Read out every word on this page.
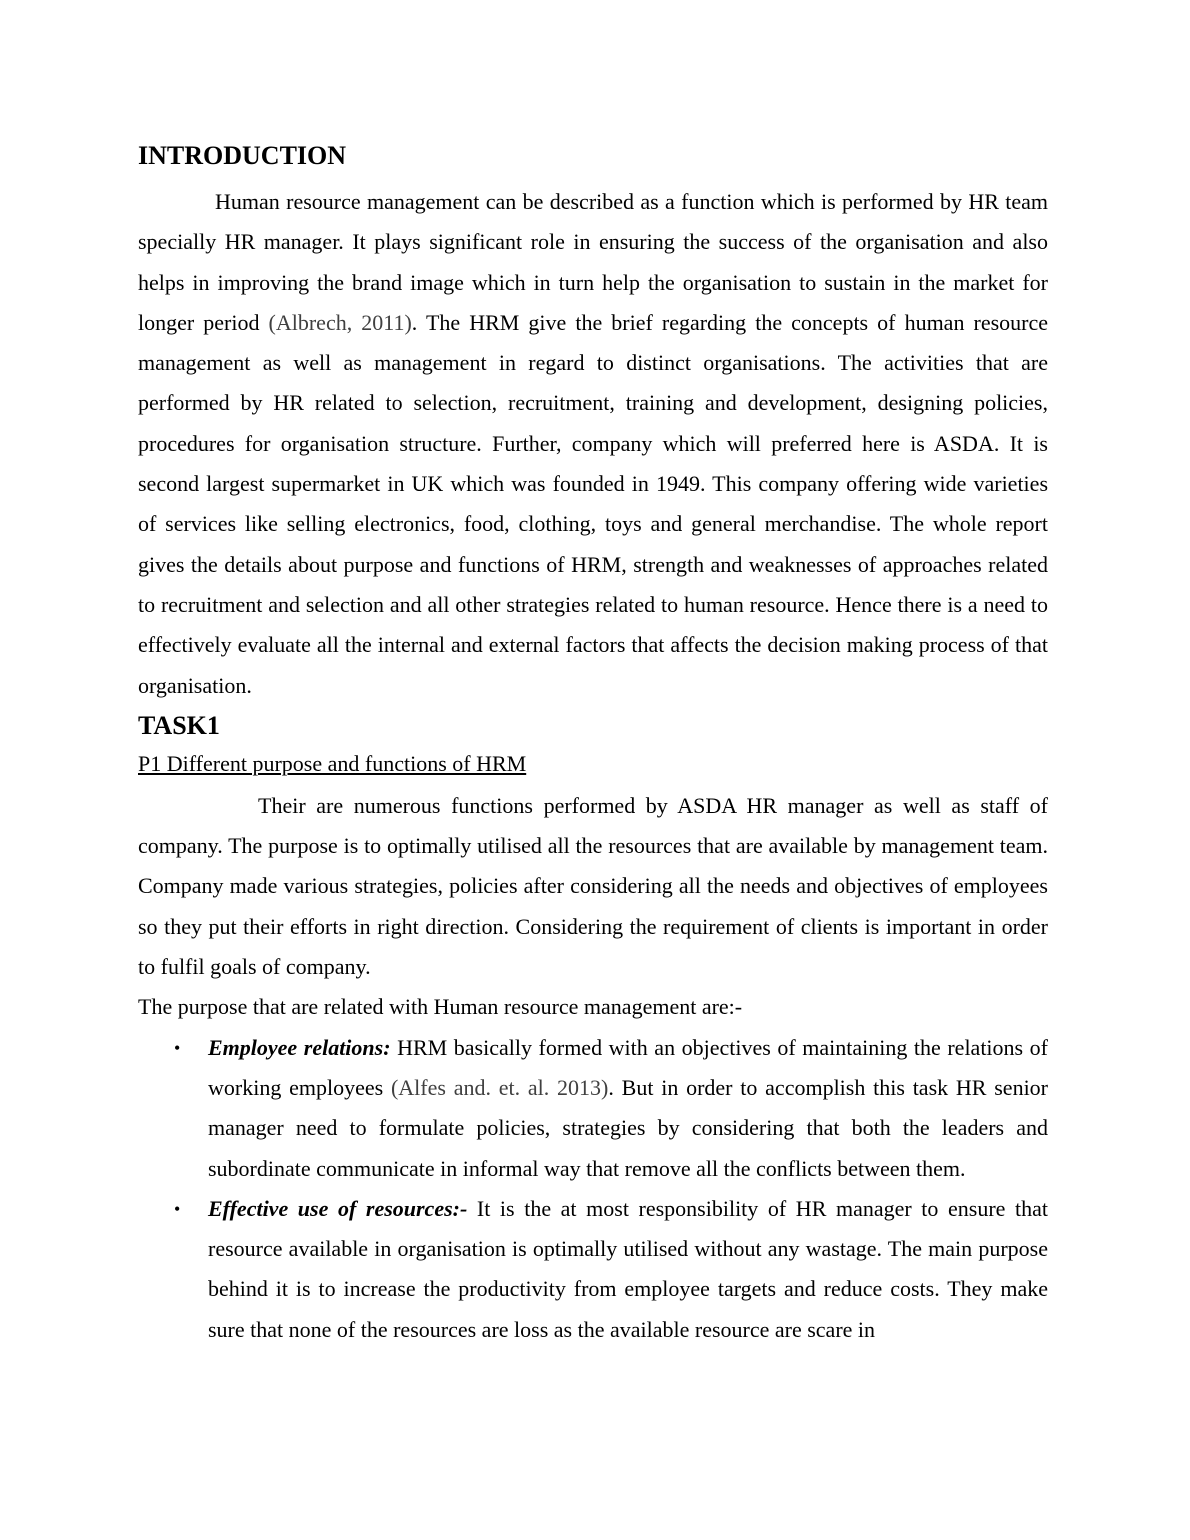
INTRODUCTION

Human resource management can be described as a function which is performed by HR team specially HR manager. It plays significant role in ensuring the success of the organisation and also helps in improving the brand image which in turn help the organisation to sustain in the market for longer period (Albrech, 2011). The HRM give the brief regarding the concepts of human resource management as well as management in regard to distinct organisations. The activities that are performed by HR related to selection, recruitment, training and development, designing policies, procedures for organisation structure. Further, company which will preferred here is ASDA. It is second largest supermarket in UK which was founded in 1949. This company offering wide varieties of services like selling electronics, food, clothing, toys and general merchandise. The whole report gives the details about purpose and functions of HRM, strength and weaknesses of approaches related to recruitment and selection and all other strategies related to human resource. Hence there is a need to effectively evaluate all the internal and external factors that affects the decision making process of that organisation.

TASK1
P1 Different purpose and functions of HRM

Their are numerous functions performed by ASDA HR manager as well as staff of company. The purpose is to optimally utilised all the resources that are available by management team. Company made various strategies, policies after considering all the needs and objectives of employees so they put their efforts in right direction. Considering the requirement of clients is important in order to fulfil goals of company.

The purpose that are related with Human resource management are:-

• Employee relations: HRM basically formed with an objectives of maintaining the relations of working employees (Alfes and. et. al. 2013). But in order to accomplish this task HR senior manager need to formulate policies, strategies by considering that both the leaders and subordinate communicate in informal way that remove all the conflicts between them.
• Effective use of resources:- It is the at most responsibility of HR manager to ensure that resource available in organisation is optimally utilised without any wastage. The main purpose behind it is to increase the productivity from employee targets and reduce costs. They make sure that none of the resources are loss as the available resource are scare in
